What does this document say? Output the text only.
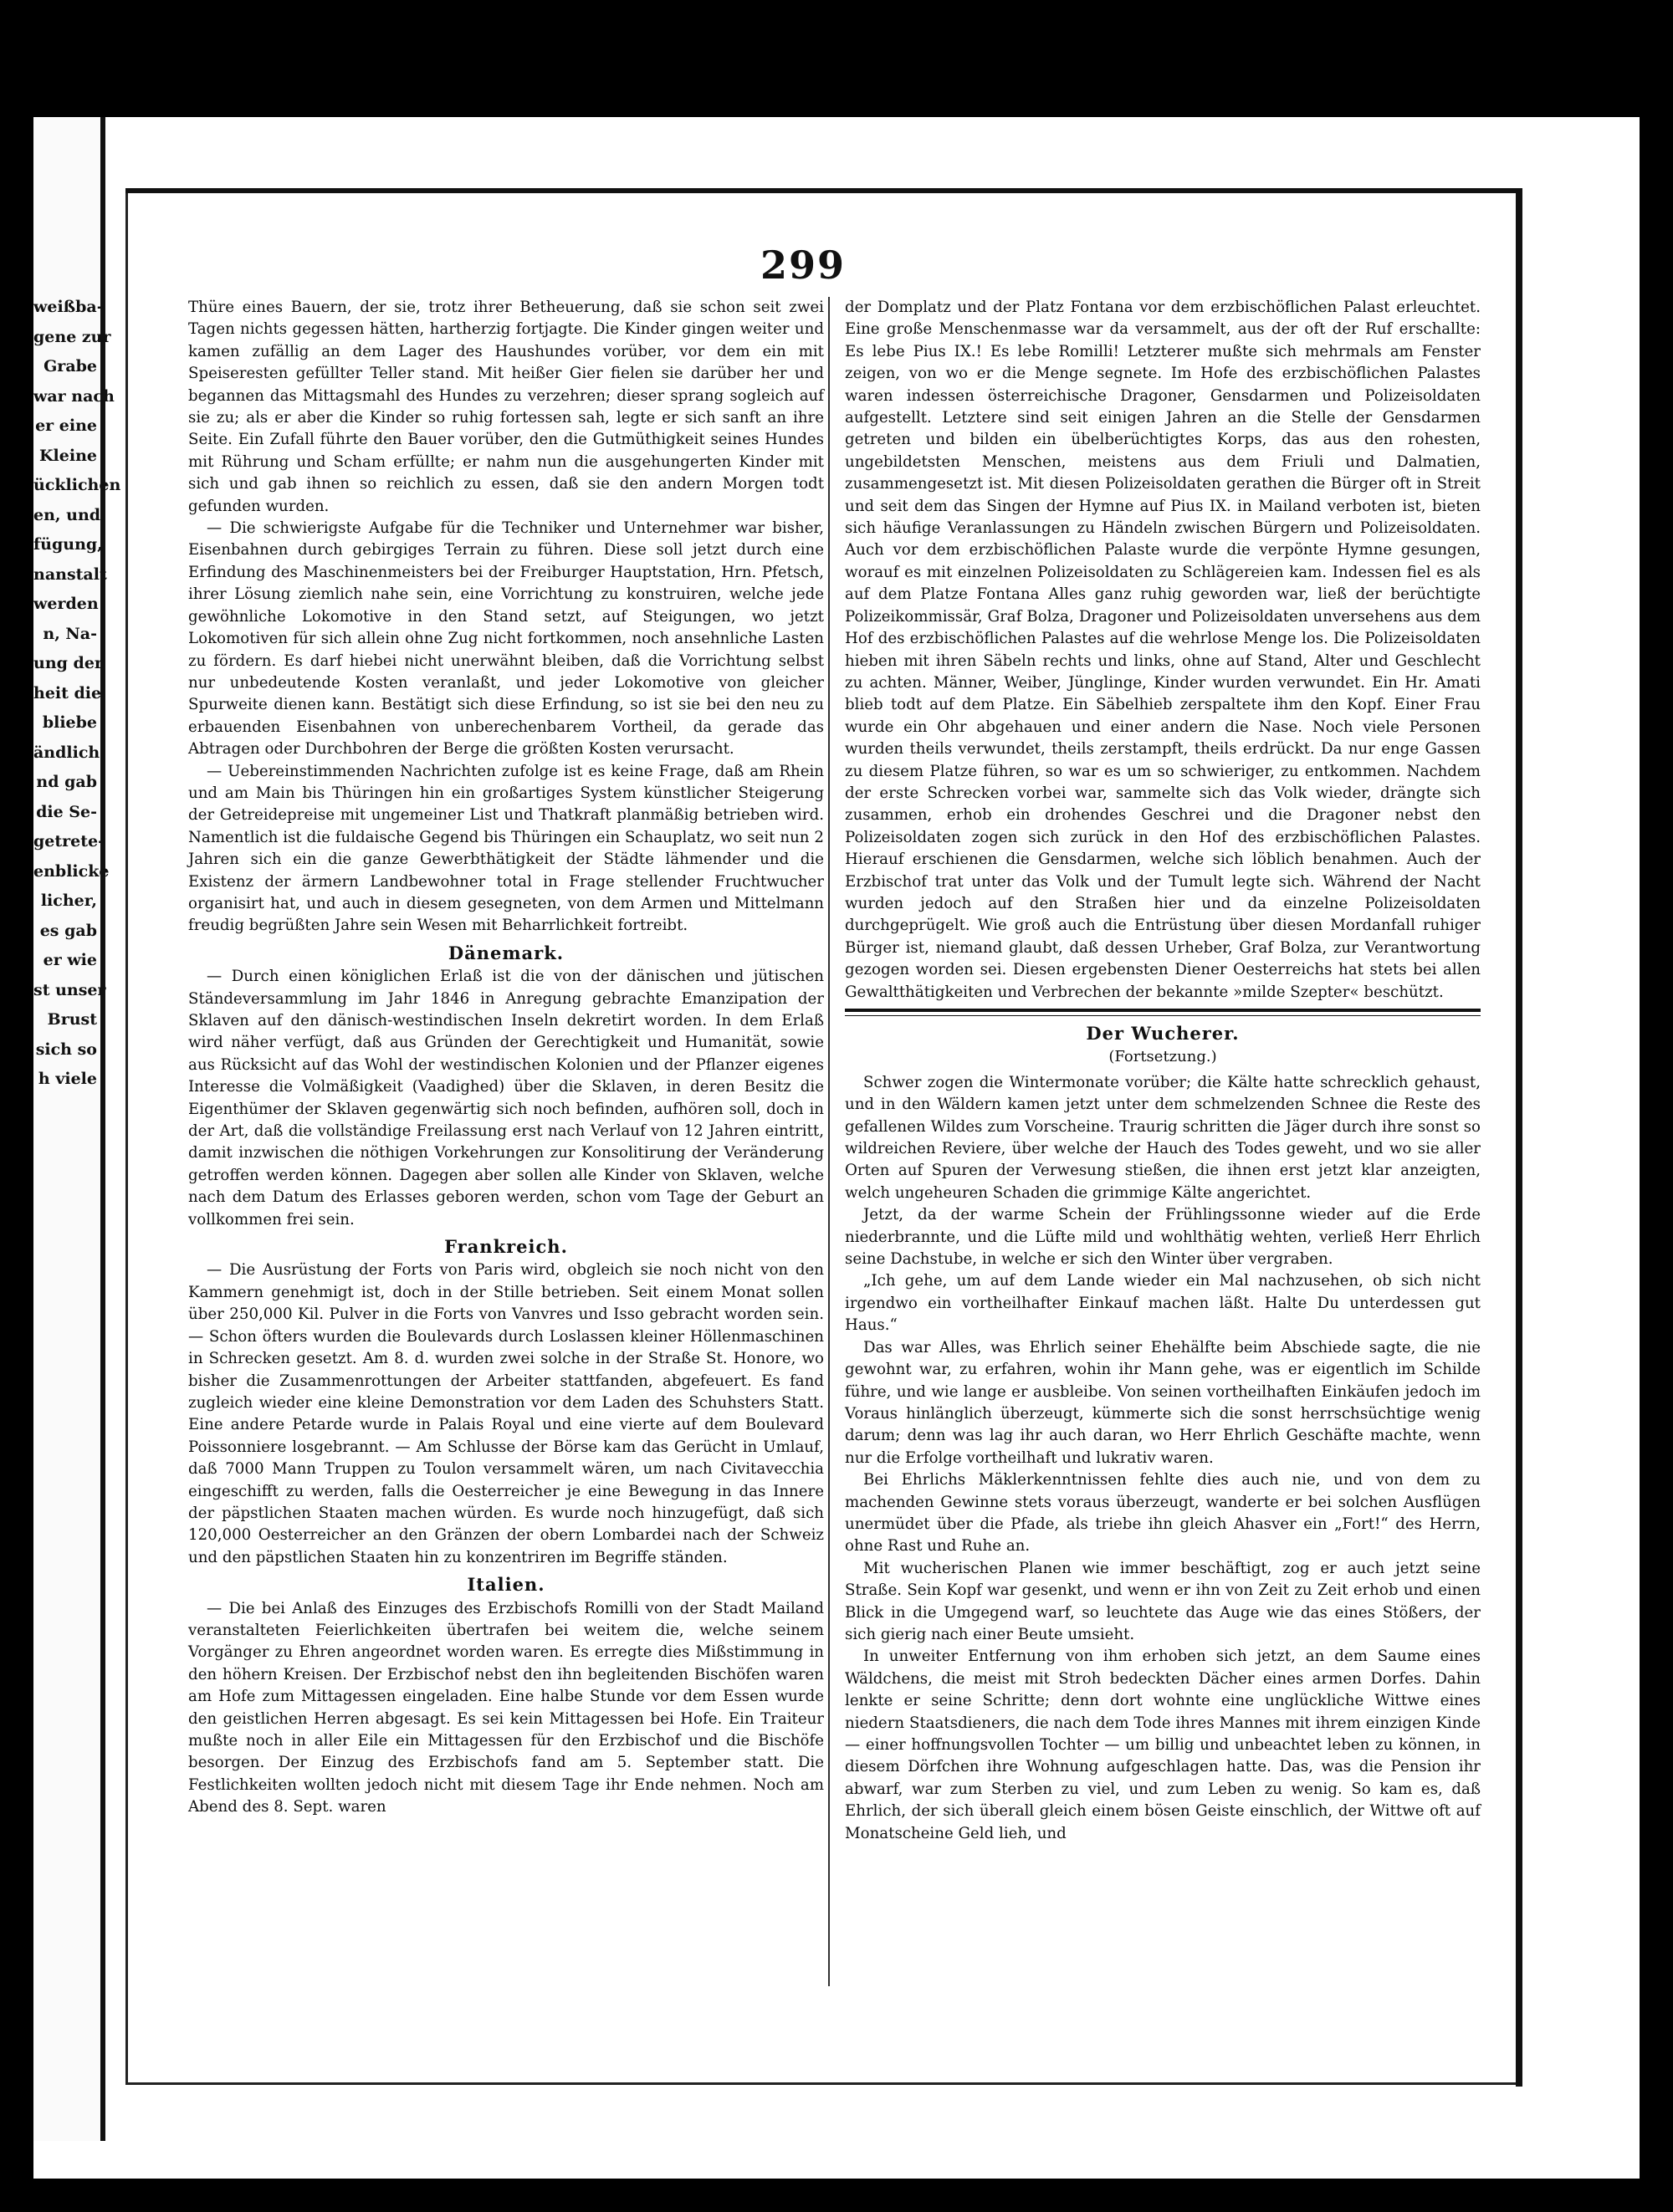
weißba-
gene zur
Grabe
war nach
er eine
Kleine
ücklichen
en, und
fügung,
nanstalt
werden
n, Na-
ung der
heit die
bliebe
ändlich
nd gab
die Se-
getrete-
enblicke
licher,
es gab
er wie
st unser
Brust
sich so
h viele
299

Thüre eines Bauern, der sie, trotz ihrer Betheuerung, daß sie schon seit zwei Tagen nichts gegessen hätten, hartherzig fortjagte. Die Kinder gingen weiter und kamen zufällig an dem Lager des Haushundes vorüber, vor dem ein mit Speiseresten gefüllter Teller stand. Mit heißer Gier fielen sie darüber her und begannen das Mittagsmahl des Hundes zu verzehren; dieser sprang sogleich auf sie zu; als er aber die Kinder so ruhig fortessen sah, legte er sich sanft an ihre Seite. Ein Zufall führte den Bauer vorüber, den die Gutmüthigkeit seines Hundes mit Rührung und Scham erfüllte; er nahm nun die ausgehungerten Kinder mit sich und gab ihnen so reichlich zu essen, daß sie den andern Morgen todt gefunden wurden.

— Die schwierigste Aufgabe für die Techniker und Unternehmer war bisher, Eisenbahnen durch gebirgiges Terrain zu führen. Diese soll jetzt durch eine Erfindung des Maschinenmeisters bei der Freiburger Hauptstation, Hrn. Pfetsch, ihrer Lösung ziemlich nahe sein, eine Vorrichtung zu konstruiren, welche jede gewöhnliche Lokomotive in den Stand setzt, auf Steigungen, wo jetzt Lokomotiven für sich allein ohne Zug nicht fortkommen, noch ansehnliche Lasten zu fördern. Es darf hiebei nicht unerwähnt bleiben, daß die Vorrichtung selbst nur unbedeutende Kosten veranlaßt, und jeder Lokomotive von gleicher Spurweite dienen kann. Bestätigt sich diese Erfindung, so ist sie bei den neu zu erbauenden Eisenbahnen von unberechenbarem Vortheil, da gerade das Abtragen oder Durchbohren der Berge die größten Kosten verursacht.

— Uebereinstimmenden Nachrichten zufolge ist es keine Frage, daß am Rhein und am Main bis Thüringen hin ein großartiges System künstlicher Steigerung der Getreidepreise mit ungemeiner List und Thatkraft planmäßig betrieben wird. Namentlich ist die fuldaische Gegend bis Thüringen ein Schauplatz, wo seit nun 2 Jahren sich ein die ganze Gewerbthätigkeit der Städte lähmender und die Existenz der ärmern Landbewohner total in Frage stellender Fruchtwucher organisirt hat, und auch in diesem gesegneten, von dem Armen und Mittelmann freudig begrüßten Jahre sein Wesen mit Beharrlichkeit fortreibt.

Dänemark.

— Durch einen königlichen Erlaß ist die von der dänischen und jütischen Ständeversammlung im Jahr 1846 in Anregung gebrachte Emanzipation der Sklaven auf den dänisch-westindischen Inseln dekretirt worden. In dem Erlaß wird näher verfügt, daß aus Gründen der Gerechtigkeit und Humanität, sowie aus Rücksicht auf das Wohl der westindischen Kolonien und der Pflanzer eigenes Interesse die Volmäßigkeit (Vaadighed) über die Sklaven, in deren Besitz die Eigenthümer der Sklaven gegenwärtig sich noch befinden, aufhören soll, doch in der Art, daß die vollständige Freilassung erst nach Verlauf von 12 Jahren eintritt, damit inzwischen die nöthigen Vorkehrungen zur Konsolitirung der Veränderung getroffen werden können. Dagegen aber sollen alle Kinder von Sklaven, welche nach dem Datum des Erlasses geboren werden, schon vom Tage der Geburt an vollkommen frei sein.

Frankreich.

— Die Ausrüstung der Forts von Paris wird, obgleich sie noch nicht von den Kammern genehmigt ist, doch in der Stille betrieben. Seit einem Monat sollen über 250,000 Kil. Pulver in die Forts von Vanvres und Isso gebracht worden sein. — Schon öfters wurden die Boulevards durch Loslassen kleiner Höllenmaschinen in Schrecken gesetzt. Am 8. d. wurden zwei solche in der Straße St. Honore, wo bisher die Zusammenrottungen der Arbeiter stattfanden, abgefeuert. Es fand zugleich wieder eine kleine Demonstration vor dem Laden des Schuhsters Statt. Eine andere Petarde wurde in Palais Royal und eine vierte auf dem Boulevard Poissonniere losgebrannt. — Am Schlusse der Börse kam das Gerücht in Umlauf, daß 7000 Mann Truppen zu Toulon versammelt wären, um nach Civitavecchia eingeschifft zu werden, falls die Oesterreicher je eine Bewegung in das Innere der päpstlichen Staaten machen würden. Es wurde noch hinzugefügt, daß sich 120,000 Oesterreicher an den Gränzen der obern Lombardei nach der Schweiz und den päpstlichen Staaten hin zu konzentriren im Begriffe ständen.

Italien.

— Die bei Anlaß des Einzuges des Erzbischofs Romilli von der Stadt Mailand veranstalteten Feierlichkeiten übertrafen bei weitem die, welche seinem Vorgänger zu Ehren angeordnet worden waren. Es erregte dies Mißstimmung in den höhern Kreisen. Der Erzbischof nebst den ihn begleitenden Bischöfen waren am Hofe zum Mittagessen eingeladen. Eine halbe Stunde vor dem Essen wurde den geistlichen Herren abgesagt. Es sei kein Mittagessen bei Hofe. Ein Traiteur mußte noch in aller Eile ein Mittagessen für den Erzbischof und die Bischöfe besorgen. Der Einzug des Erzbischofs fand am 5. September statt. Die Festlichkeiten wollten jedoch nicht mit diesem Tage ihr Ende nehmen. Noch am Abend des 8. Sept. waren

der Domplatz und der Platz Fontana vor dem erzbischöflichen Palast erleuchtet. Eine große Menschenmasse war da versammelt, aus der oft der Ruf erschallte: Es lebe Pius IX.! Es lebe Romilli! Letzterer mußte sich mehrmals am Fenster zeigen, von wo er die Menge segnete. Im Hofe des erzbischöflichen Palastes waren indessen österreichische Dragoner, Gensdarmen und Polizeisoldaten aufgestellt. Letztere sind seit einigen Jahren an die Stelle der Gensdarmen getreten und bilden ein übelberüchtigtes Korps, das aus den rohesten, ungebildetsten Menschen, meistens aus dem Friuli und Dalmatien, zusammengesetzt ist. Mit diesen Polizeisoldaten gerathen die Bürger oft in Streit und seit dem das Singen der Hymne auf Pius IX. in Mailand verboten ist, bieten sich häufige Veranlassungen zu Händeln zwischen Bürgern und Polizeisoldaten. Auch vor dem erzbischöflichen Palaste wurde die verpönte Hymne gesungen, worauf es mit einzelnen Polizeisoldaten zu Schlägereien kam. Indessen fiel es als auf dem Platze Fontana Alles ganz ruhig geworden war, ließ der berüchtigte Polizeikommissär, Graf Bolza, Dragoner und Polizeisoldaten unversehens aus dem Hof des erzbischöflichen Palastes auf die wehrlose Menge los. Die Polizeisoldaten hieben mit ihren Säbeln rechts und links, ohne auf Stand, Alter und Geschlecht zu achten. Männer, Weiber, Jünglinge, Kinder wurden verwundet. Ein Hr. Amati blieb todt auf dem Platze. Ein Säbelhieb zerspaltete ihm den Kopf. Einer Frau wurde ein Ohr abgehauen und einer andern die Nase. Noch viele Personen wurden theils verwundet, theils zerstampft, theils erdrückt. Da nur enge Gassen zu diesem Platze führen, so war es um so schwieriger, zu entkommen. Nachdem der erste Schrecken vorbei war, sammelte sich das Volk wieder, drängte sich zusammen, erhob ein drohendes Geschrei und die Dragoner nebst den Polizeisoldaten zogen sich zurück in den Hof des erzbischöflichen Palastes. Hierauf erschienen die Gensdarmen, welche sich löblich benahmen. Auch der Erzbischof trat unter das Volk und der Tumult legte sich. Während der Nacht wurden jedoch auf den Straßen hier und da einzelne Polizeisoldaten durchgeprügelt. Wie groß auch die Entrüstung über diesen Mordanfall ruhiger Bürger ist, niemand glaubt, daß dessen Urheber, Graf Bolza, zur Verantwortung gezogen worden sei. Diesen ergebensten Diener Oesterreichs hat stets bei allen Gewaltthätigkeiten und Verbrechen der bekannte »milde Szepter« beschützt.

Der Wucherer.
(Fortsetzung.)

Schwer zogen die Wintermonate vorüber; die Kälte hatte schrecklich gehaust, und in den Wäldern kamen jetzt unter dem schmelzenden Schnee die Reste des gefallenen Wildes zum Vorscheine. Traurig schritten die Jäger durch ihre sonst so wildreichen Reviere, über welche der Hauch des Todes geweht, und wo sie aller Orten auf Spuren der Verwesung stießen, die ihnen erst jetzt klar anzeigten, welch ungeheuren Schaden die grimmige Kälte angerichtet.

Jetzt, da der warme Schein der Frühlingssonne wieder auf die Erde niederbrannte, und die Lüfte mild und wohlthätig wehten, verließ Herr Ehrlich seine Dachstube, in welche er sich den Winter über vergraben.

„Ich gehe, um auf dem Lande wieder ein Mal nachzusehen, ob sich nicht irgendwo ein vortheilhafter Einkauf machen läßt. Halte Du unterdessen gut Haus.“

Das war Alles, was Ehrlich seiner Ehehälfte beim Abschiede sagte, die nie gewohnt war, zu erfahren, wohin ihr Mann gehe, was er eigentlich im Schilde führe, und wie lange er ausbleibe. Von seinen vortheilhaften Einkäufen jedoch im Voraus hinlänglich überzeugt, kümmerte sich die sonst herrschsüchtige wenig darum; denn was lag ihr auch daran, wo Herr Ehrlich Geschäfte machte, wenn nur die Erfolge vortheilhaft und lukrativ waren.

Bei Ehrlichs Mäklerkenntnissen fehlte dies auch nie, und von dem zu machenden Gewinne stets voraus überzeugt, wanderte er bei solchen Ausflügen unermüdet über die Pfade, als triebe ihn gleich Ahasver ein „Fort!“ des Herrn, ohne Rast und Ruhe an.

Mit wucherischen Planen wie immer beschäftigt, zog er auch jetzt seine Straße. Sein Kopf war gesenkt, und wenn er ihn von Zeit zu Zeit erhob und einen Blick in die Umgegend warf, so leuchtete das Auge wie das eines Stößers, der sich gierig nach einer Beute umsieht.

In unweiter Entfernung von ihm erhoben sich jetzt, an dem Saume eines Wäldchens, die meist mit Stroh bedeckten Dächer eines armen Dorfes. Dahin lenkte er seine Schritte; denn dort wohnte eine unglückliche Wittwe eines niedern Staatsdieners, die nach dem Tode ihres Mannes mit ihrem einzigen Kinde — einer hoffnungsvollen Tochter — um billig und unbeachtet leben zu können, in diesem Dörfchen ihre Wohnung aufgeschlagen hatte. Das, was die Pension ihr abwarf, war zum Sterben zu viel, und zum Leben zu wenig. So kam es, daß Ehrlich, der sich überall gleich einem bösen Geiste einschlich, der Wittwe oft auf Monatscheine Geld lieh, und
